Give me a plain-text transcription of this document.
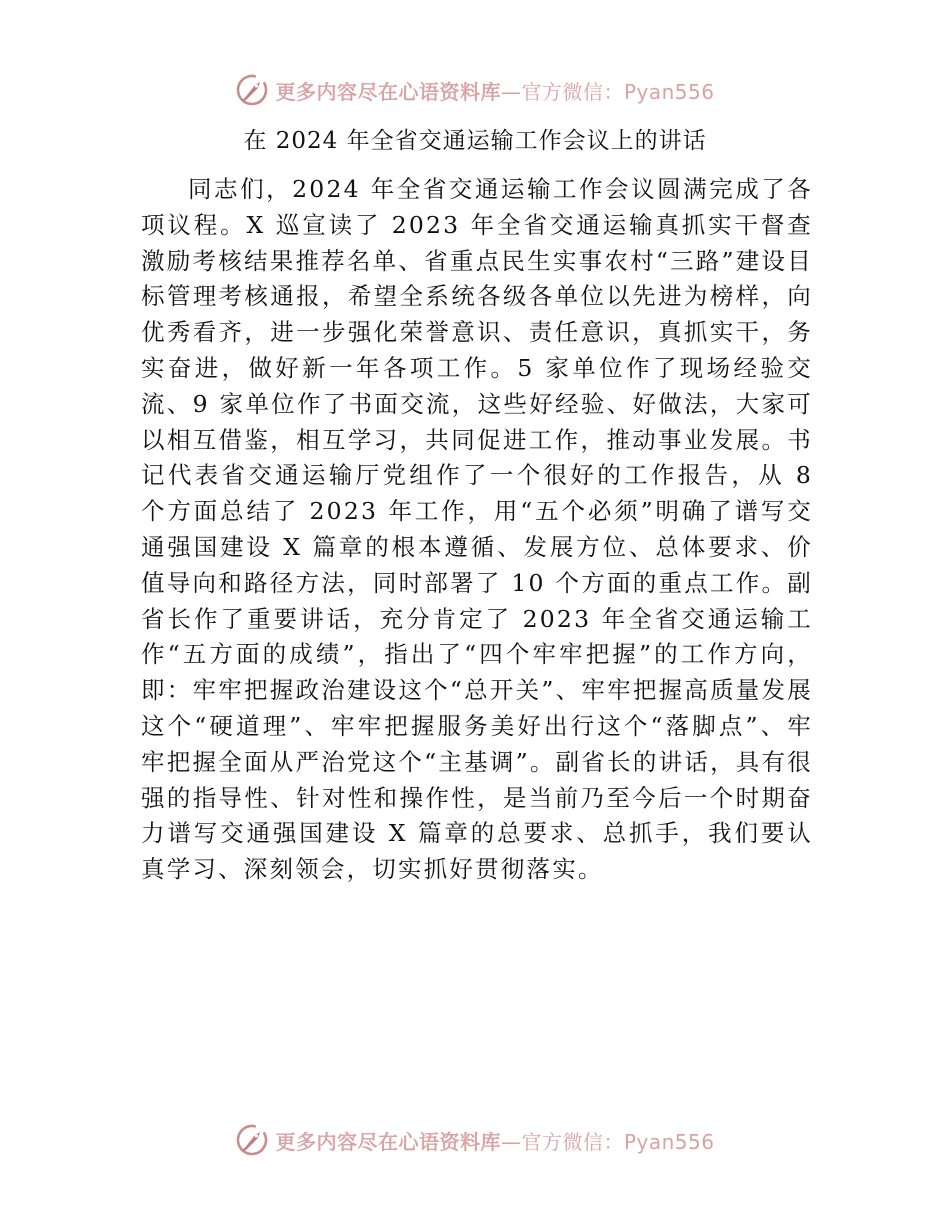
更多内容尽在心语资料库—官方微信：Pyan556
在 2024 年全省交通运输工作会议上的讲话

同志们，2024 年全省交通运输工作会议圆满完成了各项议程。X 巡宣读了 2023 年全省交通运输真抓实干督查激励考核结果推荐名单、省重点民生实事农村“三路”建设目标管理考核通报，希望全系统各级各单位以先进为榜样，向优秀看齐，进一步强化荣誉意识、责任意识，真抓实干，务实奋进，做好新一年各项工作。5 家单位作了现场经验交流、9 家单位作了书面交流，这些好经验、好做法，大家可以相互借鉴，相互学习，共同促进工作，推动事业发展。书记代表省交通运输厅党组作了一个很好的工作报告，从 8 个方面总结了 2023 年工作，用“五个必须”明确了谱写交通强国建设 X 篇章的根本遵循、发展方位、总体要求、价值导向和路径方法，同时部署了 10 个方面的重点工作。副省长作了重要讲话，充分肯定了 2023 年全省交通运输工作“五方面的成绩”，指出了“四个牢牢把握”的工作方向，即：牢牢把握政治建设这个“总开关”、牢牢把握高质量发展这个“硬道理”、牢牢把握服务美好出行这个“落脚点”、牢牢把握全面从严治党这个“主基调”。副省长的讲话，具有很强的指导性、针对性和操作性，是当前乃至今后一个时期奋力谱写交通强国建设 X 篇章的总要求、总抓手，我们要认真学习、深刻领会，切实抓好贯彻落实。

更多内容尽在心语资料库—官方微信：Pyan556
